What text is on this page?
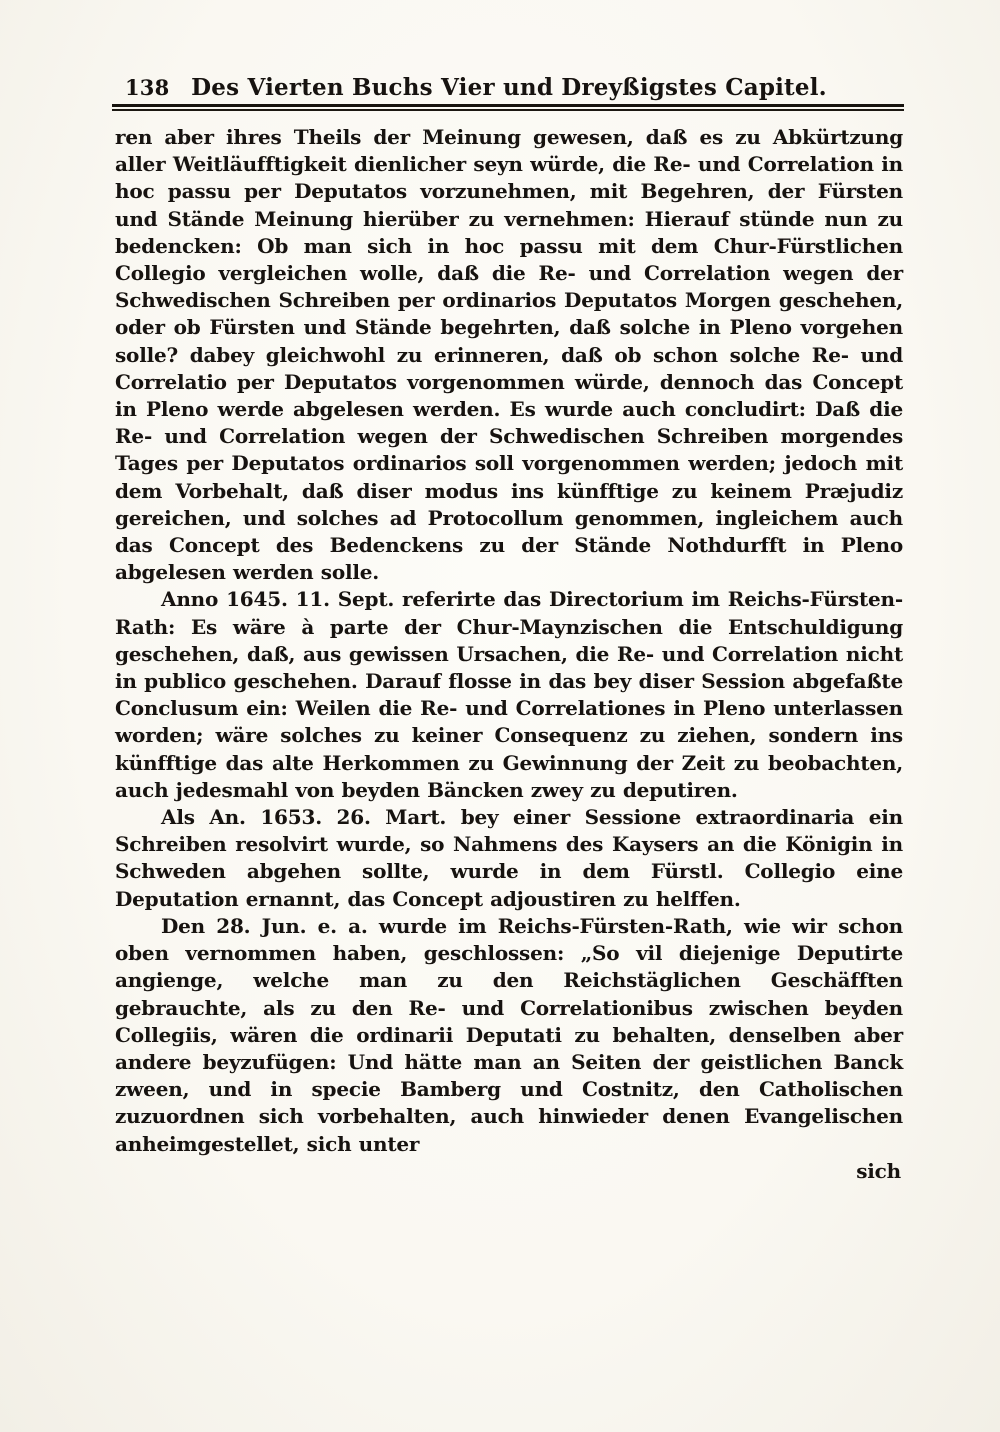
138 Des Vierten Buchs Vier und Dreyßigstes Capitel.

ren aber ihres Theils der Meinung gewesen, daß es zu Abkürtzung aller Weitläufftigkeit dienlicher seyn würde, die Re- und Correlation in hoc passu per Deputatos vorzunehmen, mit Begehren, der Fürsten und Stände Meinung hierüber zu vernehmen: Hierauf stünde nun zu bedencken: Ob man sich in hoc passu mit dem Chur-Fürstlichen Collegio vergleichen wolle, daß die Re- und Correlation wegen der Schwedischen Schreiben per ordinarios Deputatos Morgen geschehen, oder ob Fürsten und Stände begehrten, daß solche in Pleno vorgehen solle? dabey gleichwohl zu erinneren, daß ob schon solche Re- und Correlatio per Deputatos vorgenommen würde, dennoch das Concept in Pleno werde abgelesen werden. Es wurde auch concludirt: Daß die Re- und Correlation wegen der Schwedischen Schreiben morgendes Tages per Deputatos ordinarios soll vorgenommen werden; jedoch mit dem Vorbehalt, daß diser modus ins künfftige zu keinem Præjudiz gereichen, und solches ad Protocollum genommen, ingleichem auch das Concept des Bedenckens zu der Stände Nothdurfft in Pleno abgelesen werden solle.

Anno 1645. 11. Sept. referirte das Directorium im Reichs-Fürsten-Rath: Es wäre à parte der Chur-Maynzischen die Entschuldigung geschehen, daß, aus gewissen Ursachen, die Re- und Correlation nicht in publico geschehen. Darauf flosse in das bey diser Session abgefaßte Conclusum ein: Weilen die Re- und Correlationes in Pleno unterlassen worden; wäre solches zu keiner Consequenz zu ziehen, sondern ins künfftige das alte Herkommen zu Gewinnung der Zeit zu beobachten, auch jedesmahl von beyden Bäncken zwey zu deputiren.

Als An. 1653. 26. Mart. bey einer Sessione extraordinaria ein Schreiben resolvirt wurde, so Nahmens des Kaysers an die Königin in Schweden abgehen sollte, wurde in dem Fürstl. Collegio eine Deputation ernannt, das Concept adjoustiren zu helffen.

Den 28. Jun. e. a. wurde im Reichs-Fürsten-Rath, wie wir schon oben vernommen haben, geschlossen: „So vil diejenige Deputirte angienge, welche man zu den Reichstäglichen Geschäfften gebrauchte, als zu den Re- und Correlationibus zwischen beyden Collegiis, wären die ordinarii Deputati zu behalten, denselben aber andere beyzufügen: Und hätte man an Seiten der geistlichen Banck zween, und in specie Bamberg und Costnitz, den Catholischen zuzuordnen sich vorbehalten, auch hinwieder denen Evangelischen anheimgestellet, sich unter

sich
